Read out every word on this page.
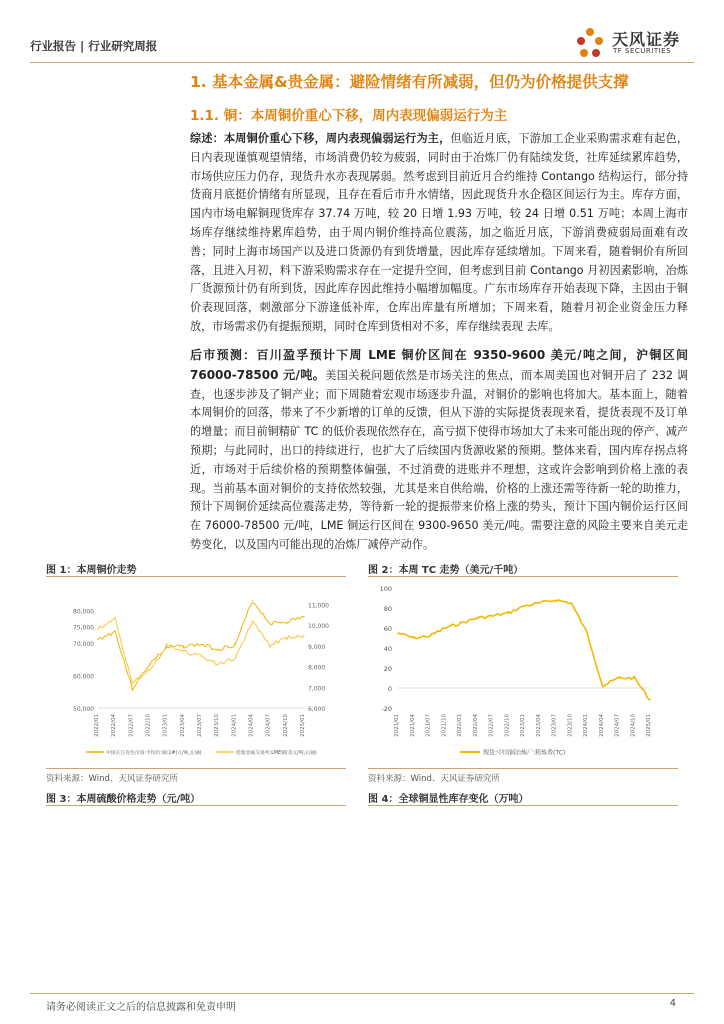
行业报告 | 行业研究周报	天风证券
TF SECURITIES
1. 基本金属&贵金属：避险情绪有所减弱，但仍为价格提供支撑
1.1. 铜：本周铜价重心下移，周内表现偏弱运行为主
综述：本周铜价重心下移，周内表现偏弱运行为主，但临近月底，下游加工企业采购需求难有起色，日内表现谨慎观望情绪，市场消费仍较为疲弱，同时由于冶炼厂仍有陆续发货，社库延续累库趋势，市场供应压力仍存，现货升水亦表现孱弱。然考虑到目前近月合约维持 Contango 结构运行，部分持货商月底挺价情绪有所显现，且存在看后市升水情绪，因此现货升水企稳区间运行为主。库存方面，国内市场电解铜现货库存 37.74 万吨，较 20 日增 1.93 万吨，较 24 日增 0.51 万吨；本周上海市场库存继续维持累库趋势，由于周内铜价维持高位震荡，加之临近月底，下游消费疲弱局面难有改善；同时上海市场国产以及进口货源仍有到货增量，因此库存延续增加。下周来看，随着铜价有所回落，且进入月初，料下游采购需求存在一定提升空间，但考虑到目前 Contango 月初因素影响，冶炼厂货源预计仍有所到货，因此库存因此维持小幅增加幅度。广东市场库存开始表现下降，主因由于铜价表现回落，刺激部分下游逢低补库，仓库出库量有所增加；下周来看，随着月初企业资金压力释放，市场需求仍有提振预期，同时仓库到货相对不多，库存继续表现 去库。
后市预测：百川盈孚预计下周 LME 铜价区间在 9350-9600 美元/吨之间，沪铜区间 76000-78500 元/吨。美国关税问题依然是市场关注的焦点，而本周美国也对铜开启了 232 调查，也逐步涉及了铜产业；而下周随着宏观市场逐步升温，对铜价的影响也将加大。基本面上，随着本周铜价的回落，带来了不少新增的订单的反馈，但从下游的实际提货表现来看，提货表现不及订单的增量；而目前铜精矿 TC 的低价表现依然存在，高亏损下使得市场加大了未来可能出现的停产、减产预期；与此同时，出口的持续进行，也扩大了后续国内货源收紧的预期。整体来看，国内库存拐点将近，市场对于后续价格的预期整体偏强，不过消费的进账并不理想，这或许会影响到价格上涨的表现。当前基本面对铜价的支持依然较强，尤其是来自供给端，价格的上涨还需等待新一轮的助推力，预计下周铜价延续高位震荡走势，等待新一轮的提振带来价格上涨的势头，预计下国内铜价运行区间在 76000-78500 元/吨，LME 铜运行区间在 9300-9650 美元/吨。需要注意的风险主要来自美元走势变化，以及国内可能出现的冶炼厂减停产动作。
图 1：本周铜价走势
80,000
75,000
70,000
60,000
50,000
11,000
10,000
9,000
8,000
7,000
6,000
2022/01 2022/04 2022/07 2022/10 2023/01 2023/04 2023/07 2023/10 2024/01 2024/04 2024/07 2024/10 2025/01
中国长江有色市场:平均价:铜:1#(元/吨,左轴)	伦敦金属交易所:LME铜(美元/吨,右轴)
资料来源：Wind、天风证券研究所
图 2：本周 TC 走势（美元/千吨）
100
80
60
40
20
0
-20
2021/01 2021/04 2021/07 2021/10 2022/01 2022/04 2022/07 2022/10 2023/01 2023/04 2023/07 2023/10 2024/01 2024/04 2024/07 2024/10 2025/01
现货:中国铜冶炼厂:粗炼费(TC)
资料来源：Wind、天风证券研究所
图 3：本周硫酸价格走势（元/吨）	图 4：全球铜显性库存变化（万吨）
请务必阅读正文之后的信息披露和免责申明	4
